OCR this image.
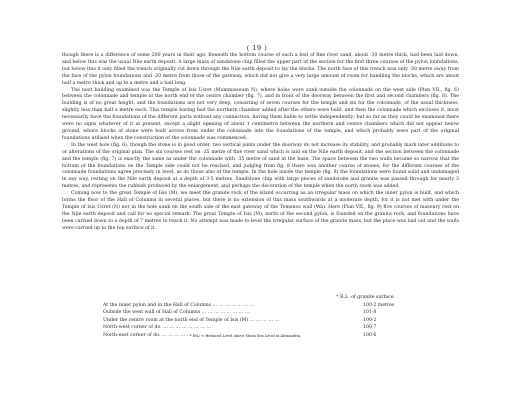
( 19 )

though there is a difference of some 200 years in their age. Beneath the bottom course of each a bed of fine river sand, about ·30 metre thick, had been laid down, and below this was the usual Nile earth deposit. A large mass of sandstone chip filled the upper part of the section for the first three courses of the pylon foundations, but below this it only filled the trench originally cut down through the Nile earth deposit to lay the blocks. The north face of this trench was only ·30 metre away from the face of the pylon foundations and ·20 metre from those of the gateway, which did not give a very large amount of room for handling the blocks, which are about half a metre thick and up to a metre and a half long.

The next building examined was the Temple of Isis Usret (Mammisseum N), where holes were sunk outside the colonnade on the west side (Plan VII., fig. 6) between the colonnade and temple at the north end of the centre chamber (fig. 7), and in front of the doorway between the first and second chambers (fig. 8). The building is of no great height, and the foundations are not very deep, consisting of seven courses for the temple and six for the colonnade, of the usual thickness, slightly less than half a metre each. This temple having had the northern chamber added after the others were built, and then the colonnade which encloses it, must necessarily have the foundations of the different parts without any connection, having them liable to settle independently; but so far as they could be examined there were no signs whatever of it at present, except a slight opening of about 1 centimetre between the northern and centre chambers which did not appear below ground, where blocks of stone were built across from under the colonnade into the foundations of the temple, and which probably were part of the original foundations utilised when the construction of the colonnade was commenced.

In the west hole (fig. 6), though the stone is in good order, two vertical joints under the doorway do not increase its stability, and probably mark later additions to or alterations of the original plan. The six courses rest on ·25 metre of fine river sand which is laid on the Nile earth deposit, and the section between the colonnade and the temple (fig. 7) is exactly the same as under the colonnade with ·35 metre of sand at the base. The space between the two walls became so narrow that the bottom of the foundations on the Temple side could not be reached, and judging from fig. 8 there was another course of stones, for the different courses of the colonnade foundations agree precisely in level, as do those also of the temple. In the hole inside the temple (fig. 8) the foundations were found solid and undamaged in any way, resting on the Nile earth deposit at a depth of 3·5 metres. Sandstone chip with large pieces of sandstone and granite was passed through for nearly 3 metres, and represents the rubbish produced by the enlargement, and perhaps the decoration of the temple when the north room was added.

Coming now to the great Temple of Isis (M), we meet the granite rock of the island occurring as an irregular mass on which the inner pylon is built, and which forms the floor of the Hall of Columns in several places, but there is no extension of this mass southwards at a moderate depth, for it is not met with under the Temple of Isis Usret (N) nor in the hole sunk on the south side of the east gateway of the Temenos wall (Wa). Here (Plan VII., fig. 9) five courses of masonry rest on the Nile earth deposit and call for no special remark. The great Temple of Isis (M), north of the second pylon, is founded on the granite rock, and foundations have been carried down to a depth of 7 metres to reach it. No attempt was made to level the irregular surface of the granite mass, but the place was laid out and the walls were carried up to the top surface of it.

* R.L. of granite surface.
At the inner pylon and in the Hall of Columns … … … … … … …	100·2 metres
Outside the west wall of Hall of Columns … … … … … … … …	101·8
Under the centre room at the north end of Temple of Isis (M) … … … … …	100·2
North-west corner of do. … … … … … … … …	100·7
North-east corner of do. … … … … … … … …	100·6
* R.L. = Reduced Level above Mean Sea Level at Alexandria.
